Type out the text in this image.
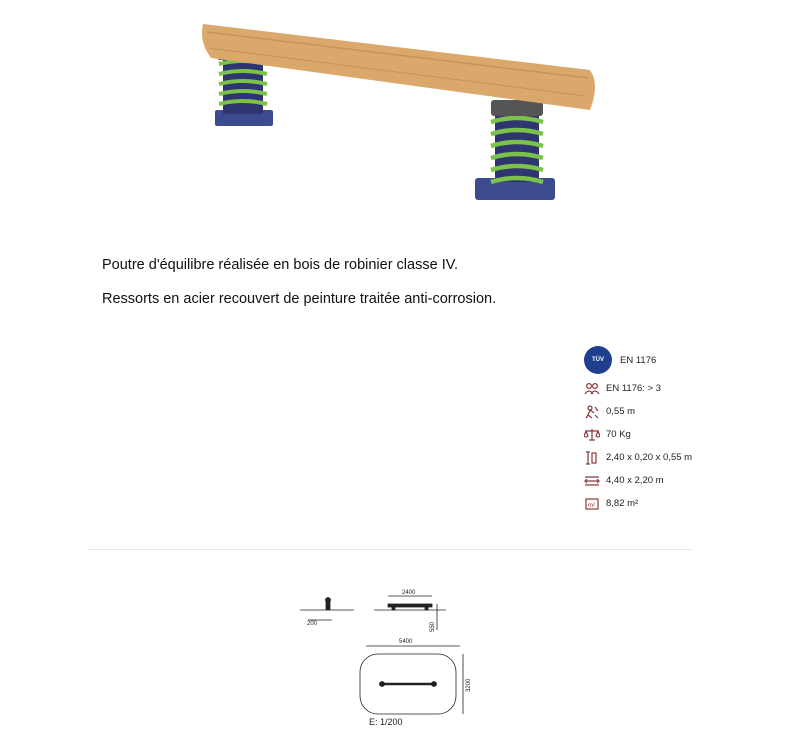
Poutre d'équilibre réalisée en bois de robinier classe IV.
Ressorts en acier recouvert de peinture traitée anti-corrosion.
TÜV EN 1176
EN 1176: > 3
0,55 m
70 Kg
2,40 x 0,20 x 0,55 m
4,40 x 2,20 m
m² 8,82 m²
200
2400
550
5400
3200
E: 1/200
